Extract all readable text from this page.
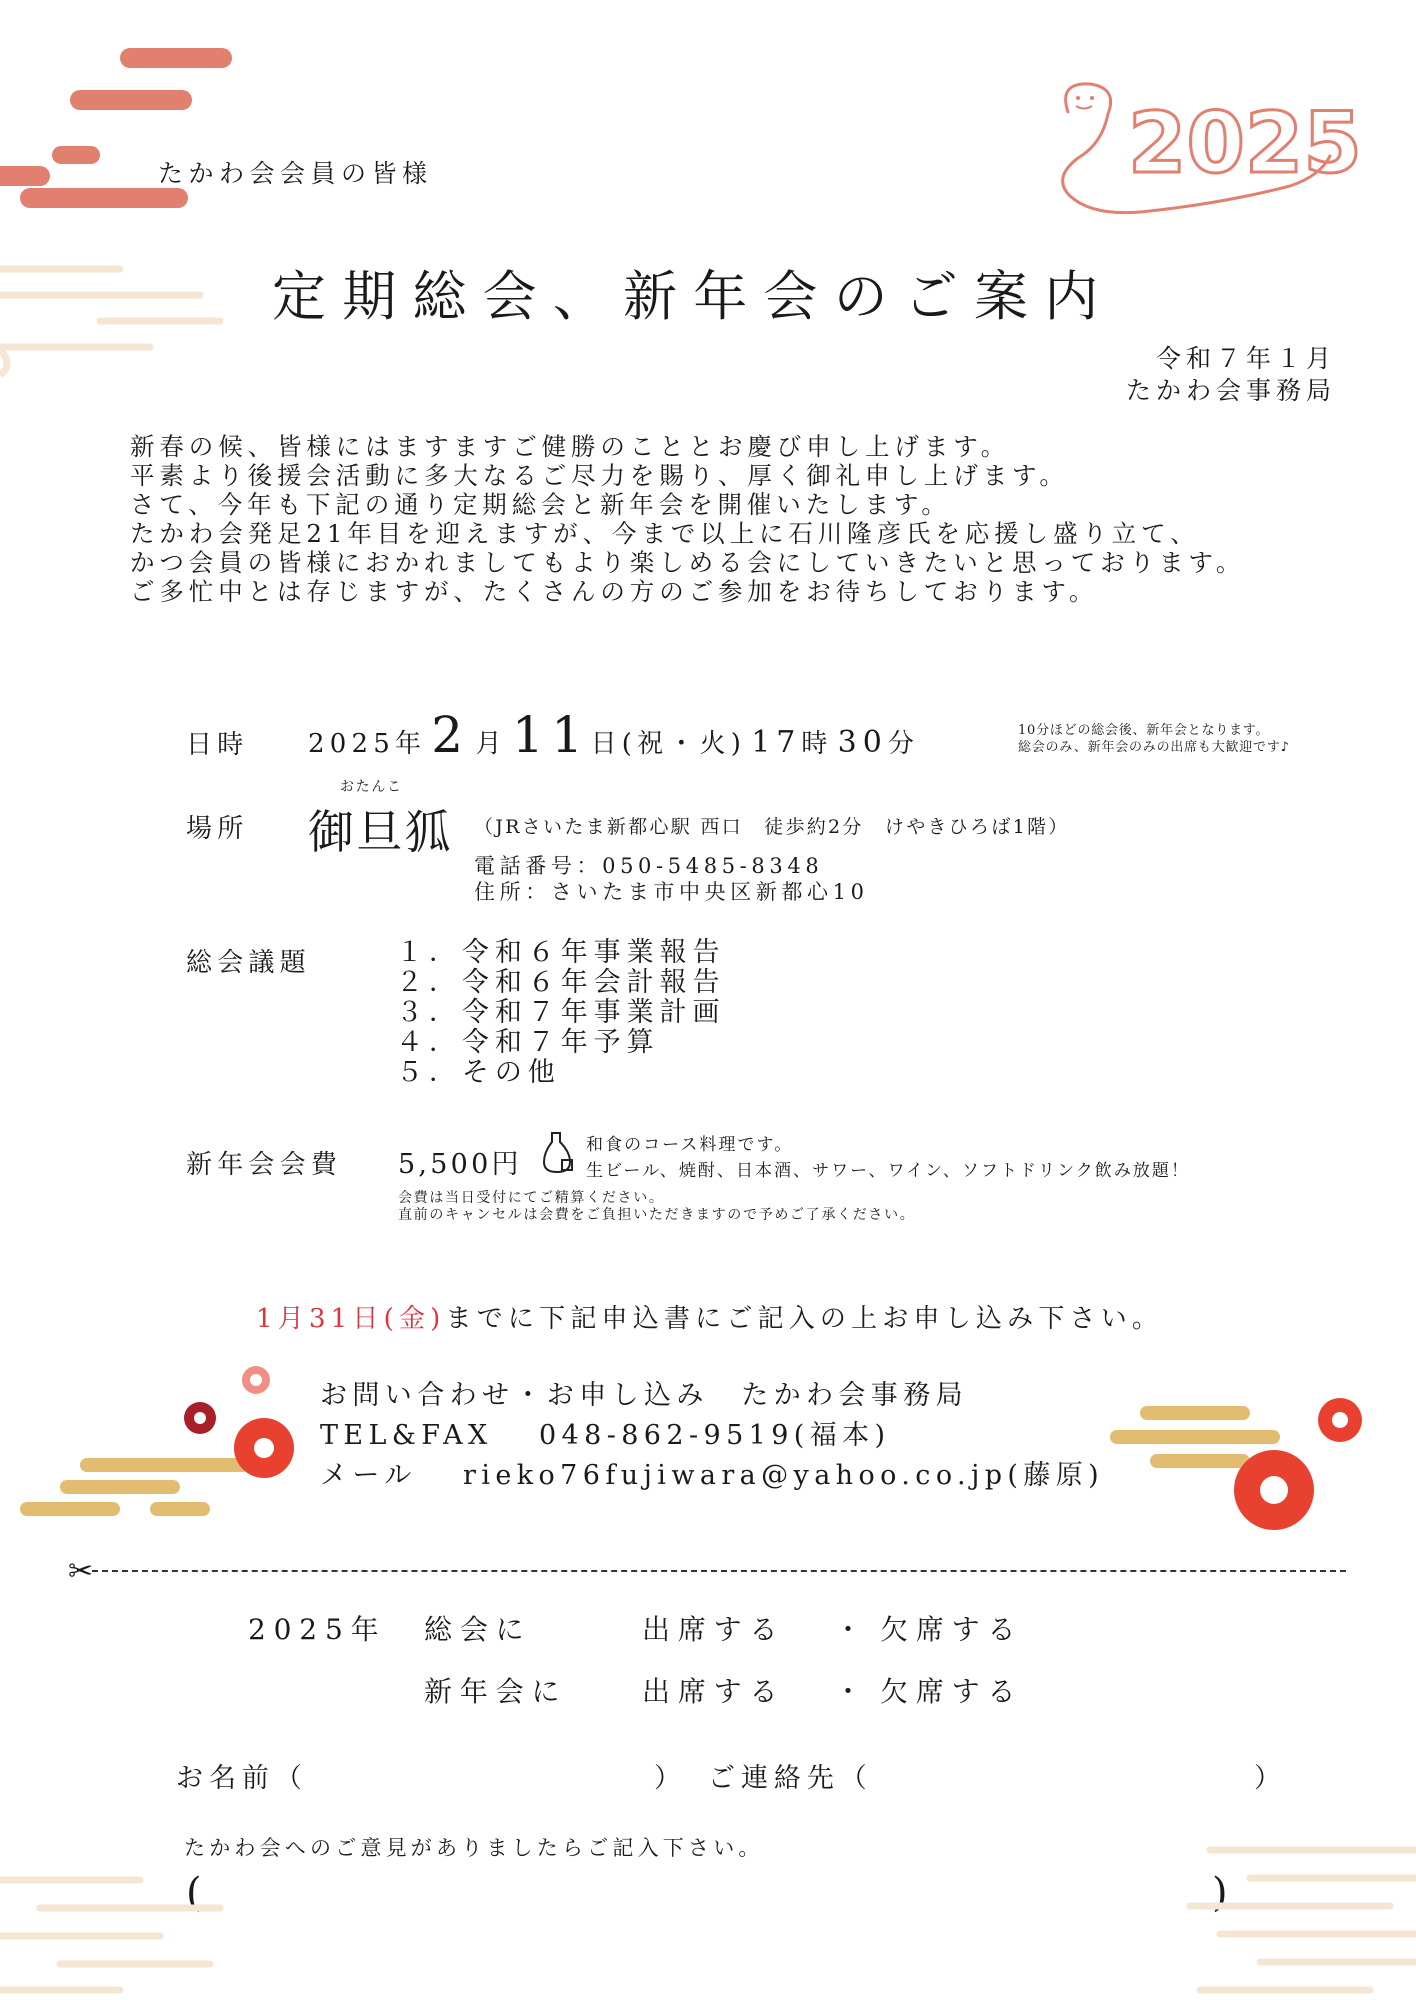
2025
たかわ会会員の皆様
定期総会、新年会のご案内
令和７年１月
たかわ会事務局
新春の候、皆様にはますますご健勝のこととお慶び申し上げます。
平素より後援会活動に多大なるご尽力を賜り、厚く御礼申し上げます。
さて、今年も下記の通り定期総会と新年会を開催いたします。
たかわ会発足21年目を迎えますが、今まで以上に石川隆彦氏を応援し盛り立て、
かつ会員の皆様におかれましてもより楽しめる会にしていきたいと思っております。
ご多忙中とは存じますが、たくさんの方のご参加をお待ちしております。
日時 2025年 2 月 11日(祝・火) 17時 30分	10分ほどの総会後、新年会となります。
総会のみ、新年会のみの出席も大歓迎です♪
場所
おたんこ
御旦狐 （JRさいたま新都心駅 西口　徒歩約2分　けやきひろば1階）
電話番号：050-5485-8348
住所：さいたま市中央区新都心10
総会議題	１．令和６年事業報告
２．令和６年会計報告
３．令和７年事業計画
４．令和７年予算
５．その他
新年会会費 5,500円
和食のコース料理です。
生ビール、焼酎、日本酒、サワー、ワイン、ソフトドリンク飲み放題！
会費は当日受付にてご精算ください。
直前のキャンセルは会費をご負担いただきますので予めご了承ください。
1月31日(金)までに下記申込書にご記入の上お申し込み下さい。
お問い合わせ・お申し込み　たかわ会事務局
TEL&FAX　 048-862-9519(福本)
メール　 rieko76fujiwara@yahoo.co.jp(藤原)
✂
2025年 総会に	出席する ・ 欠席する
新年会に	出席する ・ 欠席する
お名前（	） ご連絡先（	）
たかわ会へのご意見がありましたらご記入下さい。
(	)
